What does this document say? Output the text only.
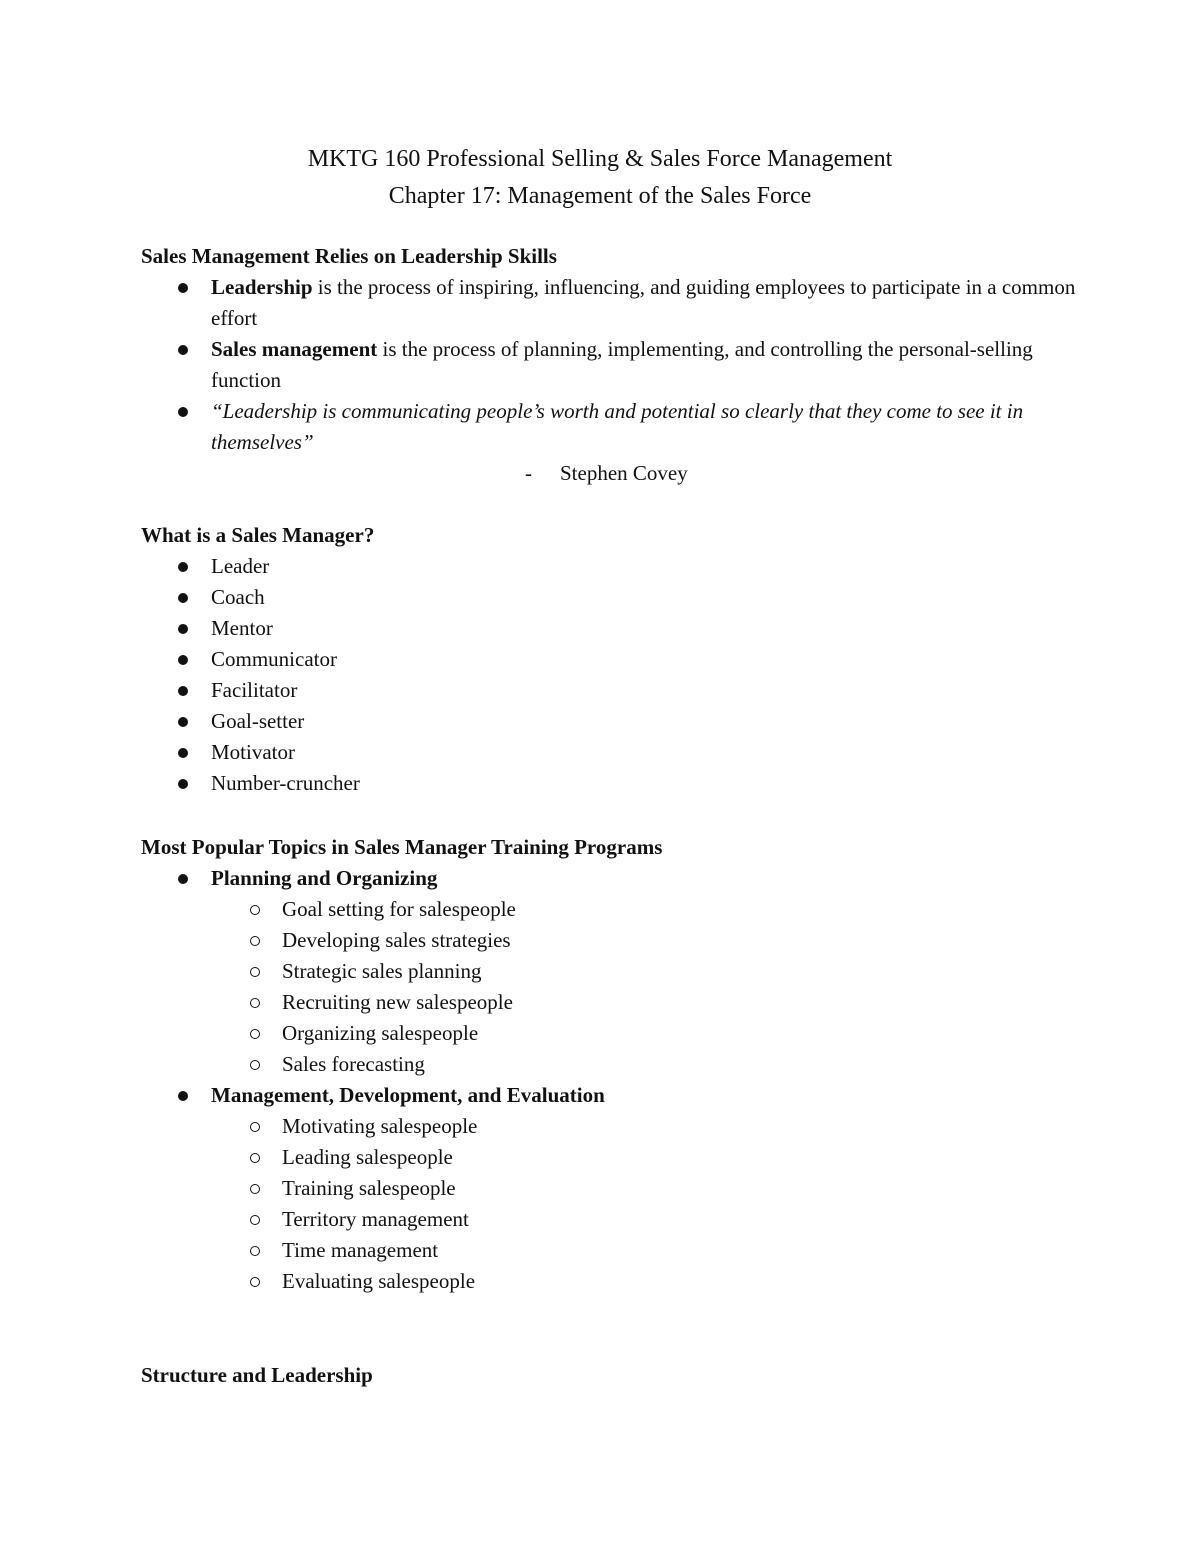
MKTG 160 Professional Selling & Sales Force Management
Chapter 17: Management of the Sales Force
Sales Management Relies on Leadership Skills
Leadership is the process of inspiring, influencing, and guiding employees to participate in a common effort
Sales management is the process of planning, implementing, and controlling the personal-selling function
“Leadership is communicating people’s worth and potential so clearly that they come to see it in themselves”
- Stephen Covey
What is a Sales Manager?
Leader
Coach
Mentor
Communicator
Facilitator
Goal-setter
Motivator
Number-cruncher
Most Popular Topics in Sales Manager Training Programs
Planning and Organizing
Goal setting for salespeople
Developing sales strategies
Strategic sales planning
Recruiting new salespeople
Organizing salespeople
Sales forecasting
Management, Development, and Evaluation
Motivating salespeople
Leading salespeople
Training salespeople
Territory management
Time management
Evaluating salespeople
Structure and Leadership
